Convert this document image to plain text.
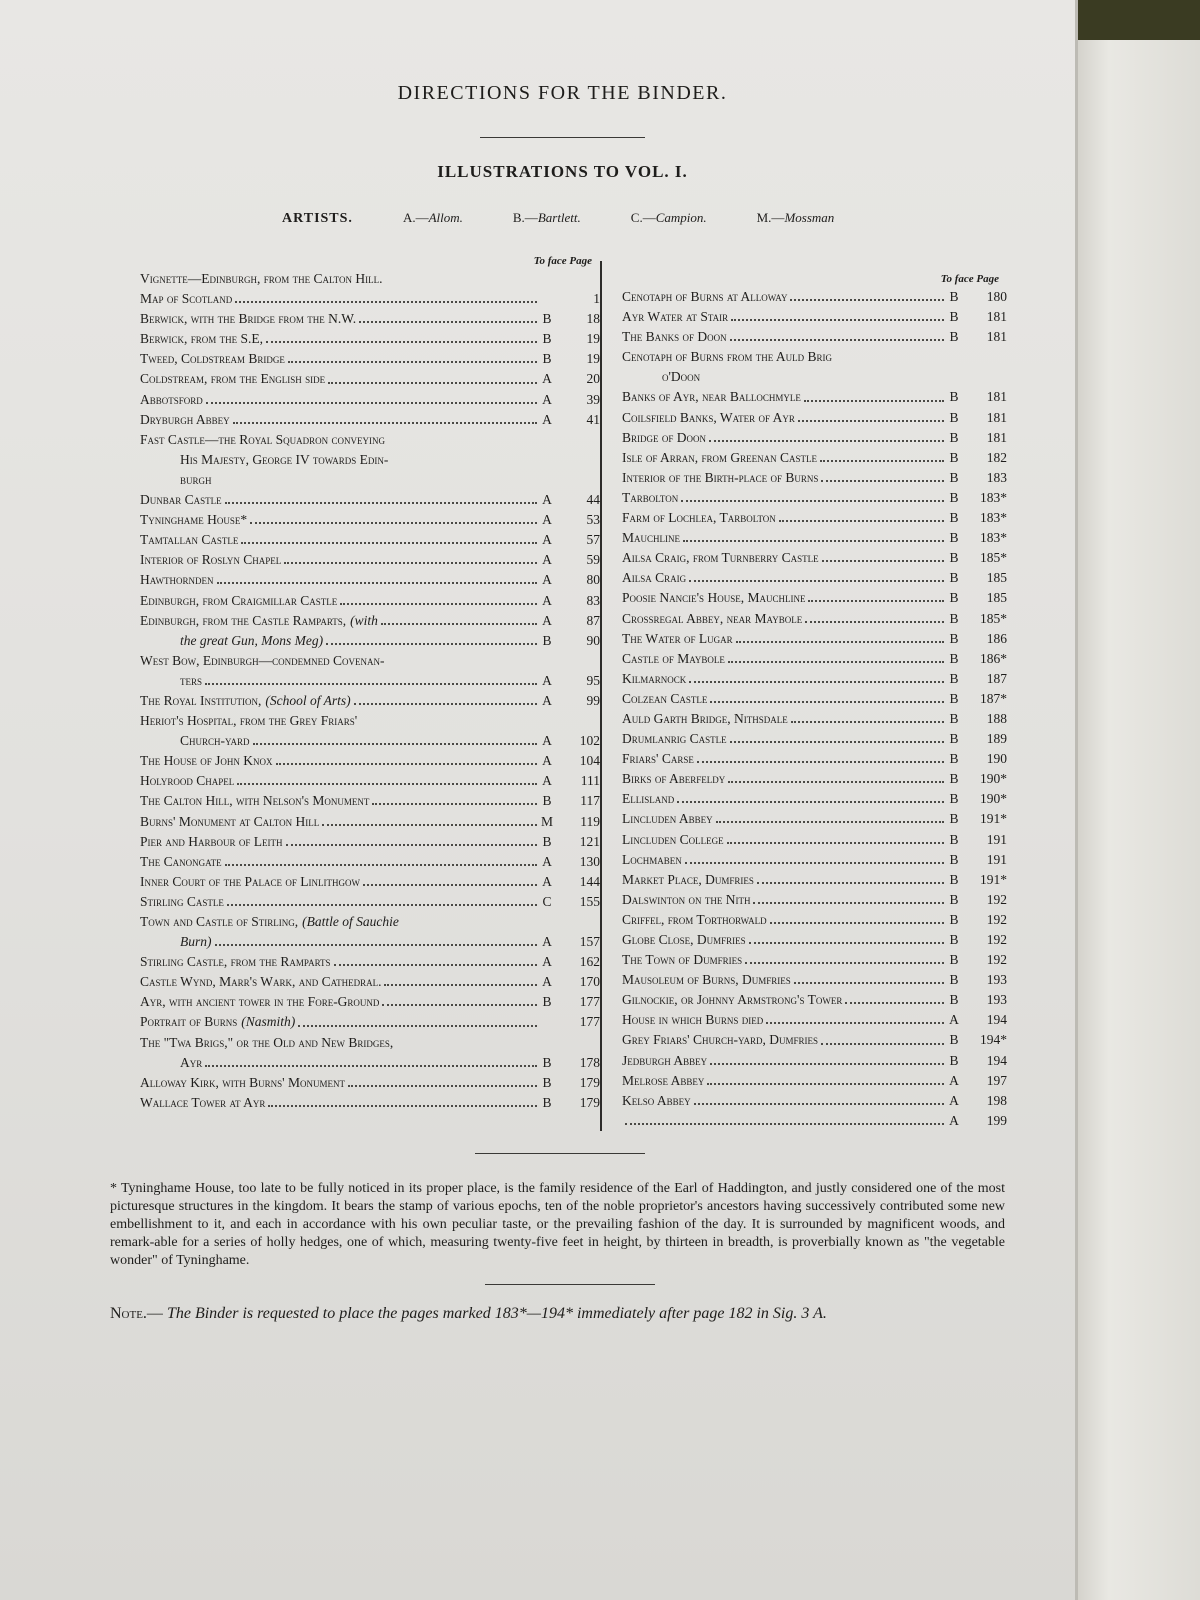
DIRECTIONS FOR THE BINDER.
ILLUSTRATIONS TO VOL. I.
ARTISTS.	A.—Allom.	B.—Bartlett.	C.—Campion.	M.—Mossman
To face Page
Vignette—Edinburgh, from the Calton Hill.
Map of Scotland	1
Berwick, with the Bridge from the N.W.	B	18
Berwick, from the S.E,	B	19
Tweed, Coldstream Bridge	B	19
Coldstream, from the English side	A	20
Abbotsford	A	39
Dryburgh Abbey	A	41
Fast Castle—the Royal Squadron conveying
His Majesty, George IV towards Edin-
burgh
Dunbar Castle	A	44
Tyninghame House*	A	53
Tamtallan Castle	A	57
Interior of Roslyn Chapel	A	59
Hawthornden	A	80
Edinburgh, from Craigmillar Castle	A	83
Edinburgh, from the Castle Ramparts, (with	A	87
the great Gun, Mons Meg)	B	90
West Bow, Edinburgh—condemned Covenan-
ters	A	95
The Royal Institution, (School of Arts)	A	99
Heriot's Hospital, from the Grey Friars'
Church-yard	A	102
The House of John Knox	A	104
Holyrood Chapel	A	111
The Calton Hill, with Nelson's Monument	B	117
Burns' Monument at Calton Hill	M	119
Pier and Harbour of Leith	B	121
The Canongate	A	130
Inner Court of the Palace of Linlithgow	A	144
Stirling Castle	C	155
Town and Castle of Stirling, (Battle of Sauchie
Burn)	A	157
Stirling Castle, from the Ramparts	A	162
Castle Wynd, Marr's Wark, and Cathedral.	A	170
Ayr, with ancient tower in the Fore-Ground	B	177
Portrait of Burns (Nasmith)	177
The "Twa Brigs," or the Old and New Bridges,
Ayr	B	178
Alloway Kirk, with Burns' Monument	B	179
Wallace Tower at Ayr	B	179
To face Page
Cenotaph of Burns at Alloway	B	180
Ayr Water at Stair	B	181
The Banks of Doon	B	181
Cenotaph of Burns from the Auld Brig
o'Doon
Banks of Ayr, near Ballochmyle	B	181
Coilsfield Banks, Water of Ayr	B	181
Bridge of Doon	B	181
Isle of Arran, from Greenan Castle	B	182
Interior of the Birth-place of Burns	B	183
Tarbolton	B	183*
Farm of Lochlea, Tarbolton	B	183*
Mauchline	B	183*
Ailsa Craig, from Turnberry Castle	B	185*
Ailsa Craig	B	185
Poosie Nancie's House, Mauchline	B	185
Crossregal Abbey, near Maybole	B	185*
The Water of Lugar	B	186
Castle of Maybole	B	186*
Kilmarnock	B	187
Colzean Castle	B	187*
Auld Garth Bridge, Nithsdale	B	188
Drumlanrig Castle	B	189
Friars' Carse	B	190
Birks of Aberfeldy	B	190*
Ellisland	B	190*
Lincluden Abbey	B	191*
Lincluden College	B	191
Lochmaben	B	191
Market Place, Dumfries	B	191*
Dalswinton on the Nith	B	192
Criffel, from Torthorwald	B	192
Globe Close, Dumfries	B	192
The Town of Dumfries	B	192
Mausoleum of Burns, Dumfries	B	193
Gilnockie, or Johnny Armstrong's Tower	B	193
House in which Burns died	A	194
Grey Friars' Church-yard, Dumfries	B	194*
Jedburgh Abbey	B	194
Melrose Abbey	A	197
Kelso Abbey	A	198
A	199
* Tyninghame House, too late to be fully noticed in its proper place, is the family residence of the Earl of Haddington, and justly considered one of the most picturesque structures in the kingdom. It bears the stamp of various epochs, ten of the noble proprietor's ancestors having successively contributed some new embellishment to it, and each in accordance with his own peculiar taste, or the prevailing fashion of the day. It is surrounded by magnificent woods, and remark-able for a series of holly hedges, one of which, measuring twenty-five feet in height, by thirteen in breadth, is proverbially known as "the vegetable wonder" of Tyninghame.
Note.— The Binder is requested to place the pages marked 183*—194* immediately after page 182 in Sig. 3 A.
